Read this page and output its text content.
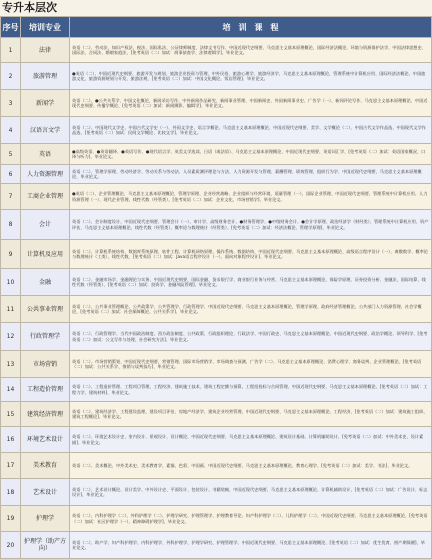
专升本层次
序号	培训专业	培　训　课　程
1	法律	英语（二）、劳动法、知识产权法、税法、国际私法、公证律师制度、法律文书写作、中国近现代史纲要、马克思主义基本原理概论、国际经济法概论、环境与资源保护法学、中国法律思想史、国际法、合同法、婚姻家庭法、[免考英语（二）加试：刑事侦查学、法律逻辑学]、毕业论文。
2	旅游管理	●英语（二）、中国近现代史纲要、旅游开发与规划、旅游企业投资与管理、中外民俗、旅游心理学、旅游经济学、马克思主义基本原理概论、管理系统中计算机应用、国际经济法概论、中国旅游文化、旅游资源规划与开发、旅游法规、[免考英语（二）加试：中国文化概论、饭店管理]、毕业论文。
3	新闻学	英语（二）、●公共关系学、中国文化概论、新闻采访写作、中外新闻作品研究、新闻事业管理、中国新闻史、外国新闻事业史、广告学（一）、新闻评论写作、马克思主义基本原理概论、中国近现代史纲要、传播学概论、[免考英语（二）加试：新闻摄影、编辑学]、毕业论文。
4	汉语言文学	英语（二）、中国现代文学史、中国古代文学史（一）、外国文学史、语言学概论、马克思主义基本原理概论、中国近现代史纲要、美学、文学概论（二）、中国古代文学作品选、中国现代文学作品选、[免考英语（二）加试：民间文学概论、比较文学]、毕业论文。
5	英语	●高级英语、●英语翻译、●英语写作、●现代语言学、英美文学选读、日语（或法语）、马克思主义基本原理概论、中国近现代史纲要、英语词汇学、[免考英语（二）加试：英语国家概况、口译与听力]、毕业论文。
6	人力资源管理	英语（二）、管理学原理、劳动经济学、劳动关系与劳动法、人员素质测评理论与方法、人力资源开发与管理、薪酬管理、绩效管理、组织行为学、中国近现代史纲要、马克思主义基本原理概论、毕业论文。
7	工商企业管理	●英语（二）、企业管理概论、马克思主义基本原理概论、管理学原理、企业经营战略、企业组织与经营环境、质量管理（一）、国际企业管理、中国近现代史纲要、管理系统中计算机应用、人力资源管理（一）、现代企业管理、线性代数（经管类）、[免考英语（二）加试：企业文化、市场营销学]、毕业论文。
8	会计	英语（二）、会计制度设计、中国近现代史纲要、管理会计（一）、审计学、高级财务会计、●财务管理学、●中级财务会计、●会计学原理、政治经济学（财经类）、管理系统中计算机应用、资产评估、马克思主义基本原理概论、线性代数（经管类）、概率论与数理统计（经管类）、[免考英语（二）加试：经济法概论、管理学原理]、毕业论文。
9	计算机及应用	英语（二）、计算机系统结构、数据库系统原理、软件工程、计算机网络原理、操作系统、数据结构、中国近现代史纲要、马克思主义基本原理概论、高级语言程序设计（一）、离散数学、概率论与数理统计（工类）、线性代数、[免考英语（二）加试：Java语言程序设计（一）、面向对象程序设计]、毕业论文。
10	金融	英语（二）、金融市场学、金融理论与实务、中国近现代史纲要、国际金融、货币银行学、商业银行业务与经营、马克思主义基本原理概论、保险学原理、证券投资分析、金融法、国际结算、线性代数（经管类）、[免考英语（二）加试：投资学、金融风险管理]、毕业论文。
11	公共事业管理	英语（二）、公共事业管理概论、公共政策学、公共管理学、行政管理学、中国近现代史纲要、马克思主义基本原理概论、管理学原理、政府经济管理概论、公共部门人力资源管理、社会学概论、[免考英语（二）加试：社会保障概论、公共关系学]、毕业论文。
12	行政管理学	英语（二）、行政管理学、当代中国政治制度、西方政治制度、公共政策、行政组织理论、行政法学、中国行政史、马克思主义基本原理概论、中国近现代史纲要、政治学概论、领导科学、[免考英语（二）加试：公文写作与处理、社会研究方法]、毕业论文。
13	市场营销	英语（二）、市场营销策划、中国近现代史纲要、营销管理、国际市场营销学、市场调查与预测、广告学（二）、马克思主义基本原理概论、消费心理学、商务谈判、企业管理概论、[免考英语（二）加试：公共关系学、推销与谈判技巧]、毕业论文。
14	工程造价管理	英语（二）、工程造价管理、工程项目管理、工程经济、建筑施工技术、建筑工程定额与预算、工程招投标与合同管理、中国近现代史纲要、马克思主义基本原理概论、[免考英语（二）加试：工程力学、建筑材料]、毕业论文。
15	建筑经济管理	英语（二）、建筑经济学、工程建设监理、建设项目评估、房地产经济学、建筑企业经营管理、中国近现代史纲要、马克思主义基本原理概论、工程经济、[免考英语（二）加试：建筑施工组织、建筑工程概论]、毕业论文。
16	环境艺术设计	英语（二）、环境艺术设计史、室内设计、景观设计、设计概论、中国近现代史纲要、马克思主义基本原理概论、建筑设计基础、计算机辅助设计、[免考英语（二）加试：中外美术史、设计素描]、毕业论文。
17	美术教育	英语（二）、美术概论、中外美术史、美术教育学、素描、色彩、中国画、中国近现代史纲要、马克思主义基本原理概论、教育心理学、[免考英语（二）加试：美学、书法]、毕业论文。
18	艺术设计	英语（二）、艺术设计概论、设计美学、中外设计史、平面设计、包装设计、书籍装帧、中国近现代史纲要、马克思主义基本原理概论、计算机辅助设计、[免考英语（二）加试：广告设计、标志设计]、毕业论文。
19	护理学	英语（二）、内科护理学（二）、外科护理学（二）、护理学研究、护理管理学、护理教育导论、妇产科护理学（二）、儿科护理学（二）、中国近现代史纲要、马克思主义基本原理概论、[免考英语（二）加试：社区护理学（一）、精神障碍护理学]、毕业论文。
20	护理学（助产方向）	英语（二）、助产学、妇产科护理学、内科护理学、外科护理学、护理学研究、护理管理学、中国近现代史纲要、马克思主义基本原理概论、[免考英语（二）加试：优生优育、围产期保健]、毕业论文。
